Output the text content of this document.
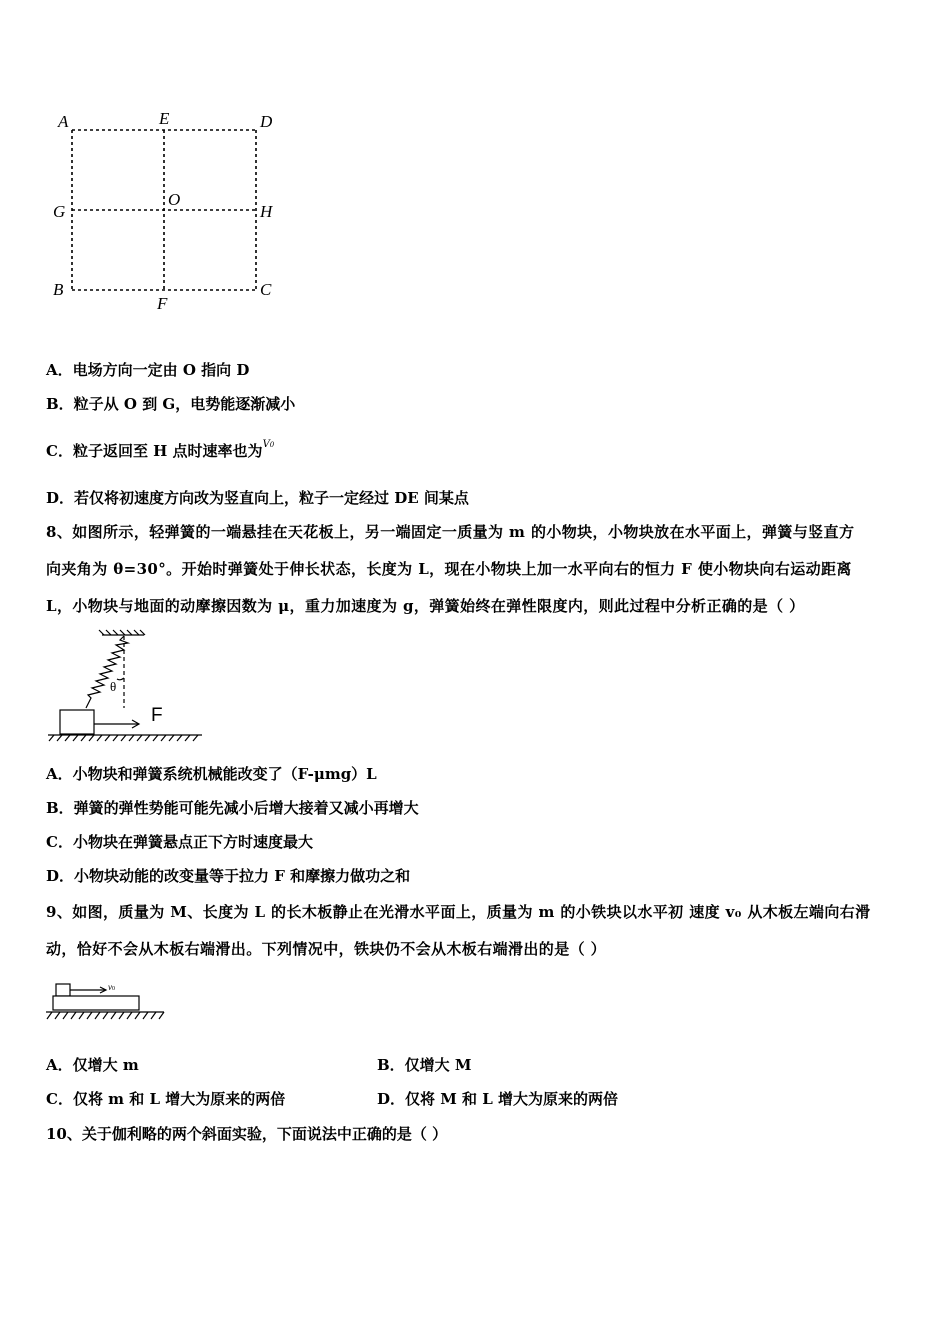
A	E	D
G
O
H
B
F
C
A．电场方向一定由 O 指向 D
B．粒子从 O 到 G，电势能逐渐减小
C．粒子返回至 H 点时速率也为$^{V0}$
D．若仅将初速度方向改为竖直向上，粒子一定经过 DE 间某点
8、如图所示，轻弹簧的一端悬挂在天花板上，另一端固定一质量为 m 的小物块，小物块放在水平面上，弹簧与竖直方
向夹角为 θ=30°。开始时弹簧处于伸长状态，长度为 L，现在小物块上加一水平向右的恒力 F 使小物块向右运动距离
L，小物块与地面的动摩擦因数为 μ，重力加速度为 g，弹簧始终在弹性限度内，则此过程中分析正确的是（ ）
θ
F
A．小物块和弹簧系统机械能改变了（F-μmg）L
B．弹簧的弹性势能可能先减小后增大接着又减小再增大
C．小物块在弹簧悬点正下方时速度最大
D．小物块动能的改变量等于拉力 F 和摩擦力做功之和
9、如图，质量为 M、长度为 L 的长木板静止在光滑水平面上，质量为 m 的小铁块以水平初 速度 v₀ 从木板左端向右滑
动，恰好不会从木板右端滑出。下列情况中，铁块仍不会从木板右端滑出的是（ ）
v0
A．仅增大 m	B．仅增大 M
C．仅将 m 和 L 增大为原来的两倍	D．仅将 M 和 L 增大为原来的两倍
10、关于伽利略的两个斜面实验，下面说法中正确的是（ ）
